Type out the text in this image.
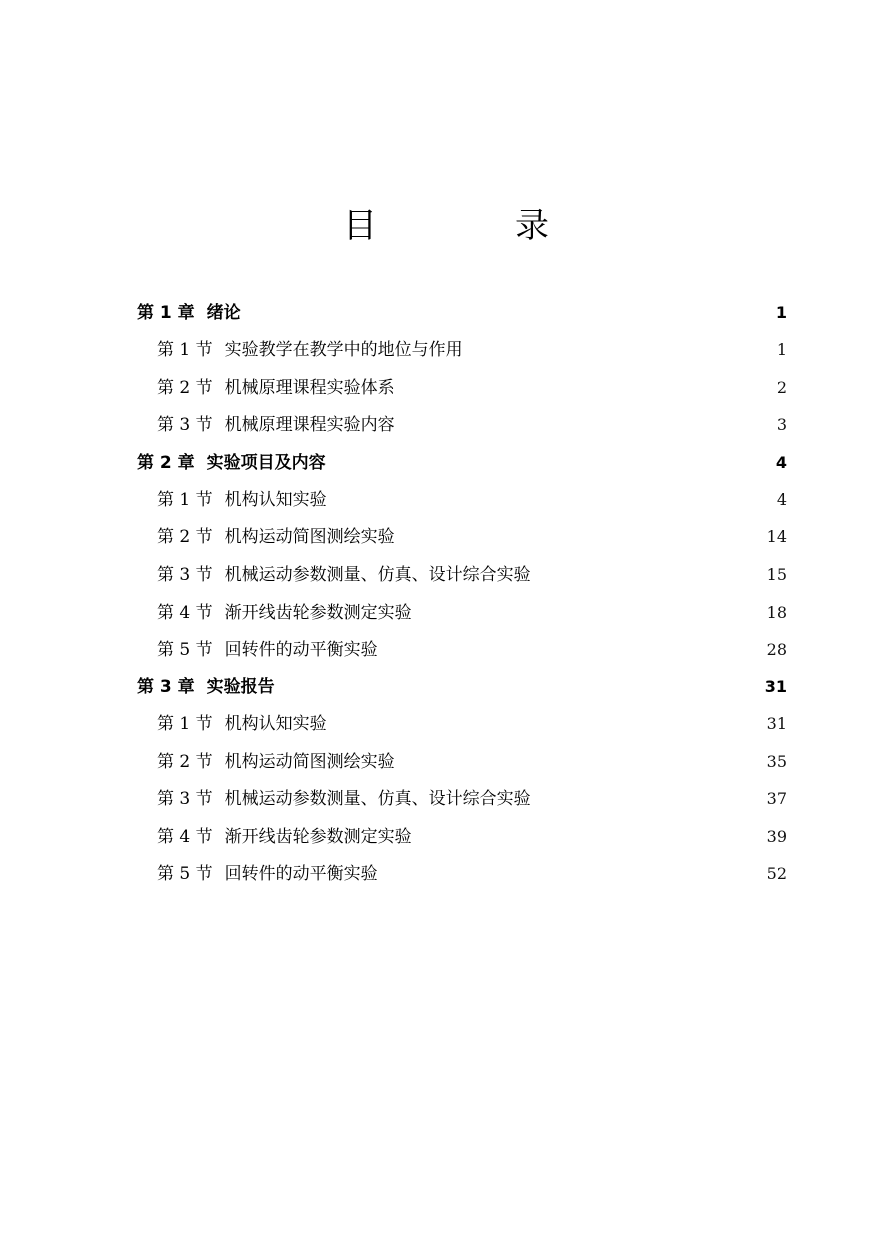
目　录
第 1 章 绪论	1
第 1 节 实验教学在教学中的地位与作用	1
第 2 节 机械原理课程实验体系	2
第 3 节 机械原理课程实验内容	3
第 2 章 实验项目及内容	4
第 1 节 机构认知实验	4
第 2 节 机构运动简图测绘实验	14
第 3 节 机械运动参数测量、仿真、设计综合实验	15
第 4 节 渐开线齿轮参数测定实验	18
第 5 节 回转件的动平衡实验	28
第 3 章 实验报告	31
第 1 节 机构认知实验	31
第 2 节 机构运动简图测绘实验	35
第 3 节 机械运动参数测量、仿真、设计综合实验	37
第 4 节 渐开线齿轮参数测定实验	39
第 5 节 回转件的动平衡实验	52
